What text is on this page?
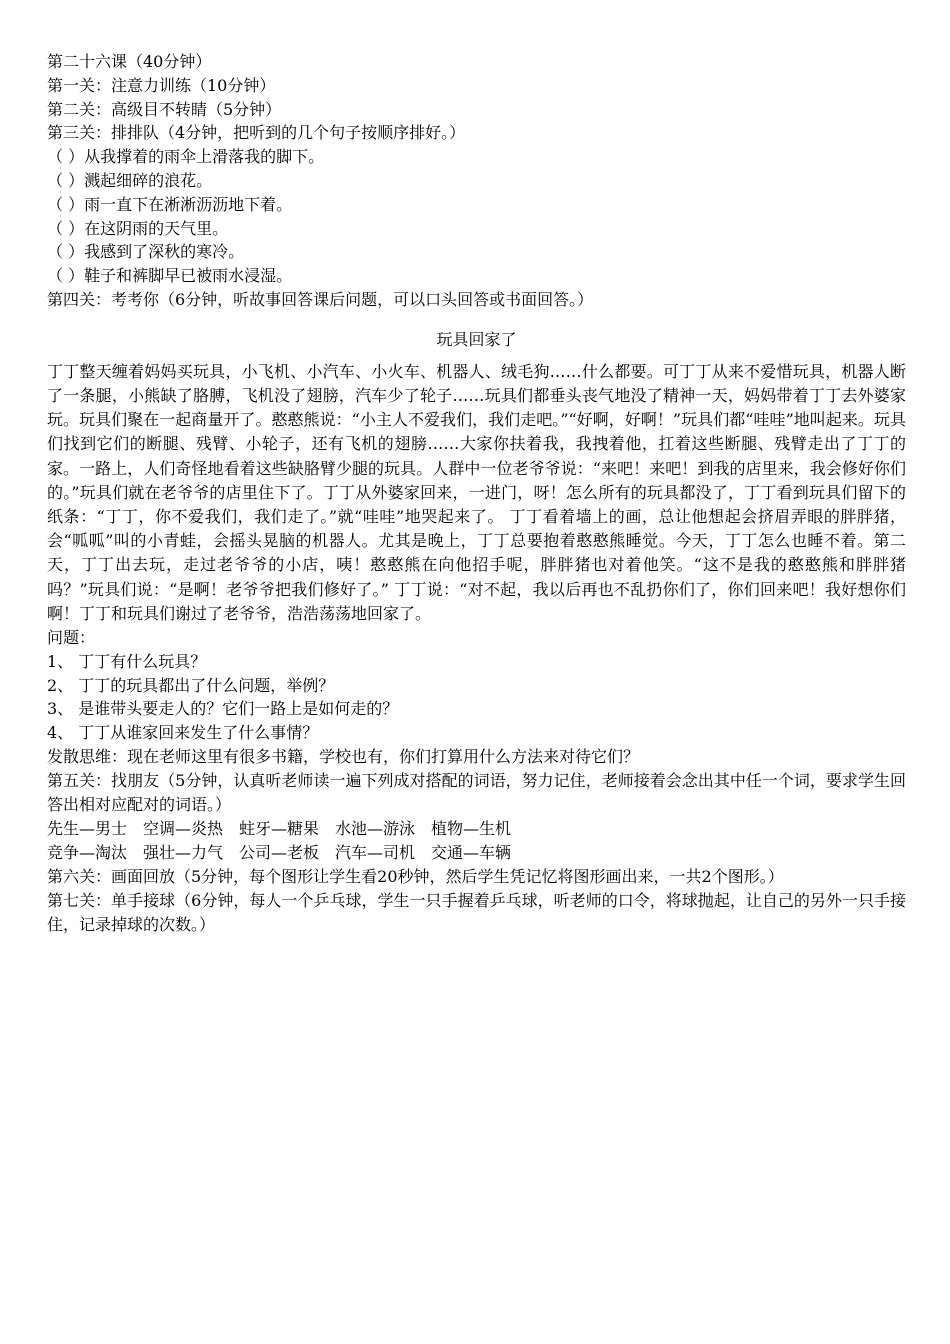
第二十六课（40分钟）
第一关：注意力训练（10分钟）
第二关：高级目不转睛（5分钟）
第三关：排排队（4分钟，把听到的几个句子按顺序排好。）
（ ）从我撑着的雨伞上滑落我的脚下。
（ ）溅起细碎的浪花。
（ ）雨一直下在淅淅沥沥地下着。
（ ）在这阴雨的天气里。
（ ）我感到了深秋的寒冷。
（ ）鞋子和裤脚早已被雨水浸湿。
第四关：考考你（6分钟，听故事回答课后问题，可以口头回答或书面回答。）
玩具回家了
丁丁整天缠着妈妈买玩具，小飞机、小汽车、小火车、机器人、绒毛狗……什么都要。可丁丁从来不爱惜玩具，机器人断了一条腿，小熊缺了胳膊，飞机没了翅膀，汽车少了轮子……玩具们都垂头丧气地没了精神一天，妈妈带着丁丁去外婆家玩。玩具们聚在一起商量开了。憨憨熊说：“小主人不爱我们，我们走吧。”“好啊，好啊！”玩具们都“哇哇”地叫起来。玩具们找到它们的断腿、残臂、小轮子，还有飞机的翅膀……大家你扶着我，我拽着他，扛着这些断腿、残臂走出了丁丁的家。一路上，人们奇怪地看着这些缺胳臂少腿的玩具。人群中一位老爷爷说：“来吧！来吧！到我的店里来，我会修好你们的。”玩具们就在老爷爷的店里住下了。丁丁从外婆家回来，一进门，呀！怎么所有的玩具都没了，丁丁看到玩具们留下的纸条：“丁丁，你不爱我们，我们走了。”就“哇哇”地哭起来了。 丁丁看着墙上的画，总让他想起会挤眉弄眼的胖胖猪，会“呱呱”叫的小青蛙，会摇头晃脑的机器人。尤其是晚上，丁丁总要抱着憨憨熊睡觉。今天，丁丁怎么也睡不着。第二天，丁丁出去玩，走过老爷爷的小店，咦！憨憨熊在向他招手呢，胖胖猪也对着他笑。“这不是我的憨憨熊和胖胖猪吗？”玩具们说：“是啊！老爷爷把我们修好了。” 丁丁说：“对不起，我以后再也不乱扔你们了，你们回来吧！我好想你们啊！丁丁和玩具们谢过了老爷爷，浩浩荡荡地回家了。
问题：
1、 丁丁有什么玩具？
2、 丁丁的玩具都出了什么问题，举例？
3、 是谁带头要走人的？它们一路上是如何走的？
4、 丁丁从谁家回来发生了什么事情？
发散思维：现在老师这里有很多书籍，学校也有，你们打算用什么方法来对待它们？
第五关：找朋友（5分钟，认真听老师读一遍下列成对搭配的词语，努力记住，老师接着会念出其中任一个词，要求学生回答出相对应配对的词语。）
先生—男士　空调—炎热　蛀牙—糖果　水池—游泳　植物—生机
竞争—淘汰　强壮—力气　公司—老板　汽车—司机　交通—车辆
第六关：画面回放（5分钟，每个图形让学生看20秒钟，然后学生凭记忆将图形画出来，一共2个图形。）
第七关：单手接球（6分钟，每人一个乒乓球，学生一只手握着乒乓球，听老师的口令，将球抛起，让自己的另外一只手接住，记录掉球的次数。）
